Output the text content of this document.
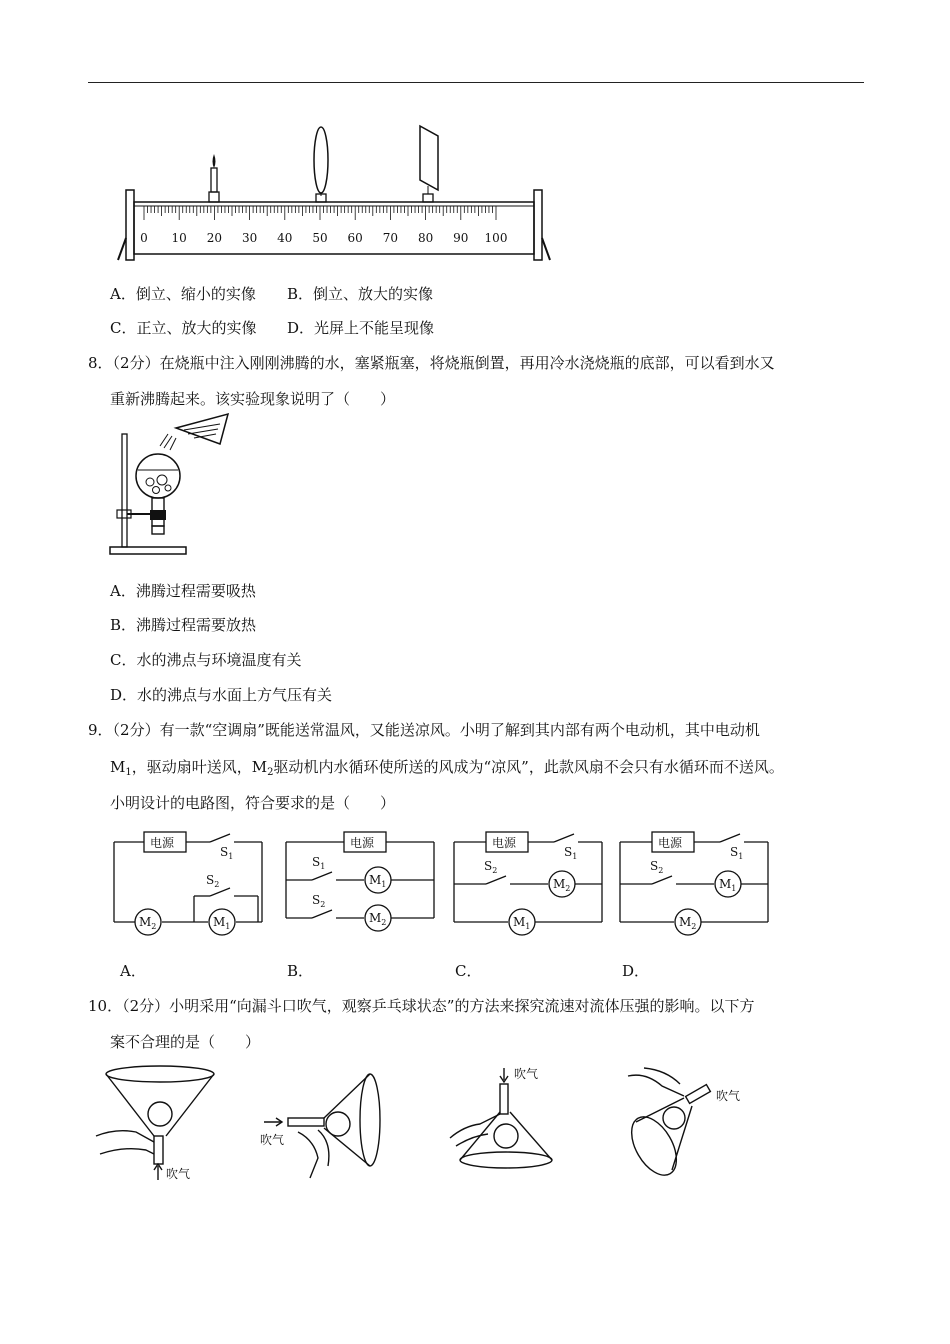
0 10 20 30 40 50 60 70 80 90 100
A．倒立、缩小的实像 B．倒立、放大的实像
C．正立、放大的实像 D．光屏上不能呈现像
8．（2分）在烧瓶中注入刚刚沸腾的水，塞紧瓶塞，将烧瓶倒置，再用冷水浇烧瓶的底部，可以看到水又
重新沸腾起来。该实验现象说明了（　　）
A．沸腾过程需要吸热
B．沸腾过程需要放热
C．水的沸点与环境温度有关
D．水的沸点与水面上方气压有关
9．（2分）有一款“空调扇”既能送常温风，又能送凉风。小明了解到其内部有两个电动机，其中电动机
$M_1$，驱动扇叶送风，$M_2$驱动机内水循环使所送的风成为“凉风”，此款风扇不会只有水循环而不送风。
小明设计的电路图，符合要求的是（　　）
电源
$S_1$
$S_2$
$M_2$	$M_1$
电源
$S_1$
$S_2$
$M_1$
$M_2$
电源
$S_1$
$S_2$
$M_2$
$M_1$
电源
$S_1$
$S_2$
$M_1$
$M_2$
A．	B．	C．	D．
10．（2分）小明采用“向漏斗口吹气，观察乒乓球状态”的方法来探究流速对流体压强的影响。以下方
案不合理的是（　　）
吹气
吹气
吹气
吹气
